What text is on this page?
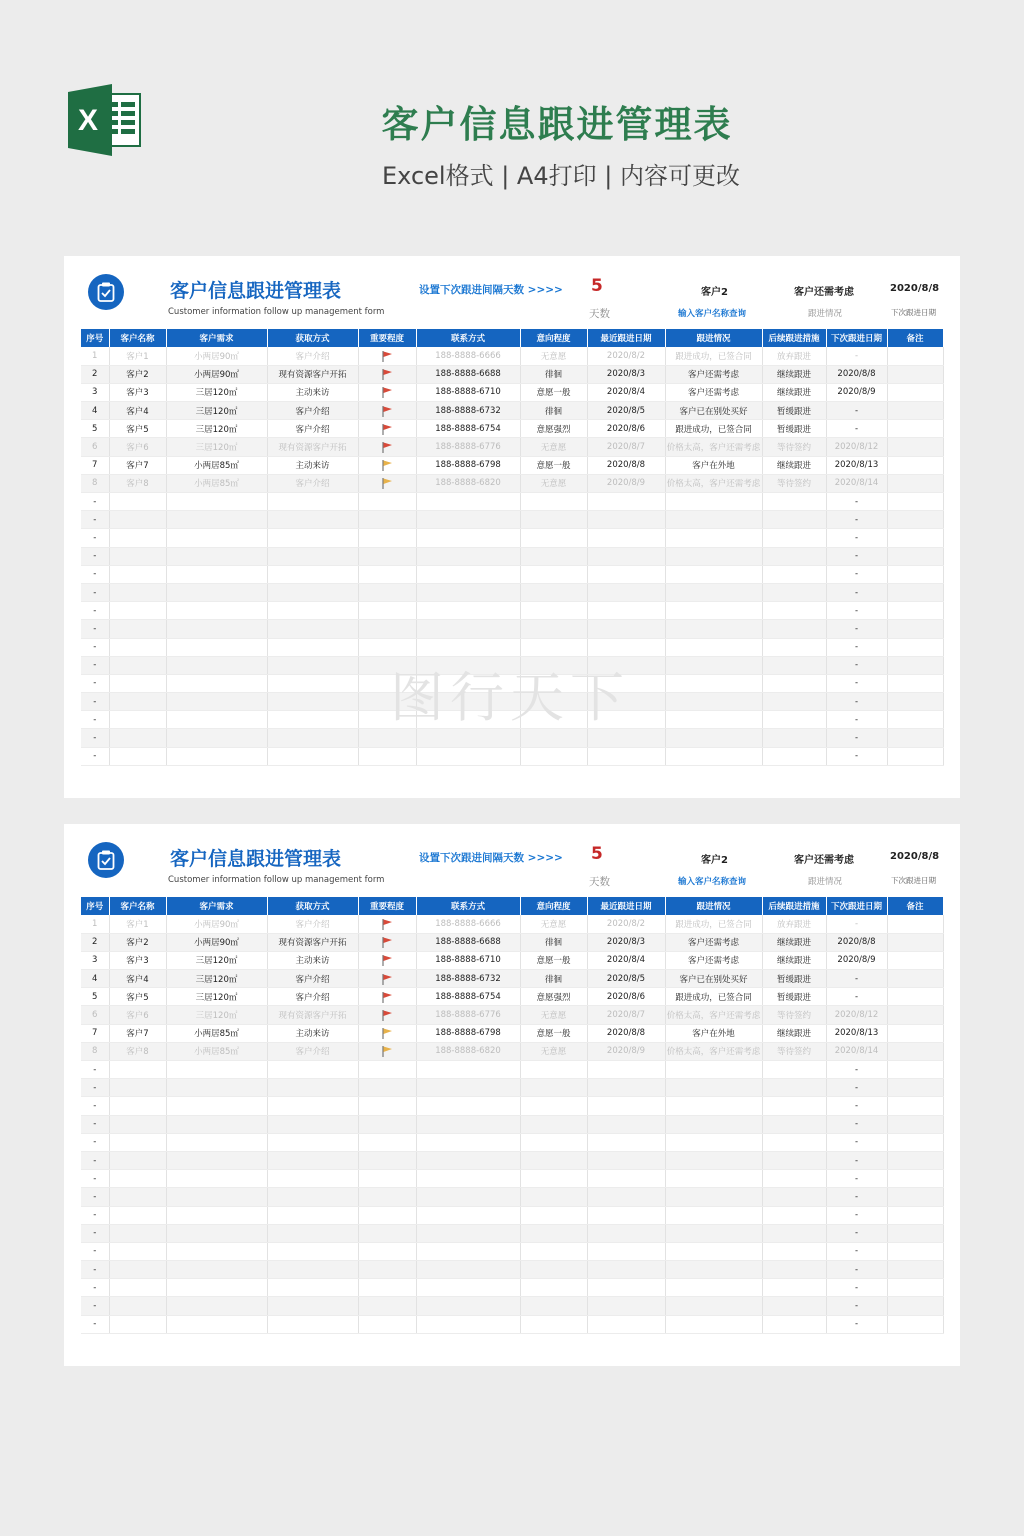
X	客户信息跟进管理表
Excel格式 | A4打印 | 内容可更改
客户信息跟进管理表
Customer information follow up management form
设置下次跟进间隔天数 >>>> 5
天数
客户2
输入客户名称查询
客户还需考虑
跟进情况
2020/8/8
下次跟进日期
序号	客户名称	客户需求	获取方式	重要程度	联系方式	意向程度	最近跟进日期	跟进情况	后续跟进措施	下次跟进日期	备注
1	客户1	小两居90㎡	客户介绍		188-8888-6666	无意愿	2020/8/2	跟进成功，已签合同	放弃跟进	-	
2	客户2	小两居90㎡	现有资源客户开拓		188-8888-6688	徘徊	2020/8/3	客户还需考虑	继续跟进	2020/8/8	
3	客户3	三居120㎡	主动来访		188-8888-6710	意愿一般	2020/8/4	客户还需考虑	继续跟进	2020/8/9	
4	客户4	三居120㎡	客户介绍		188-8888-6732	徘徊	2020/8/5	客户已在别处买好	暂缓跟进	-	
5	客户5	三居120㎡	客户介绍		188-8888-6754	意愿强烈	2020/8/6	跟进成功，已签合同	暂缓跟进	-	
6	客户6	三居120㎡	现有资源客户开拓		188-8888-6776	无意愿	2020/8/7	价格太高，客户还需考虑	等待签约	2020/8/12	
7	客户7	小两居85㎡	主动来访		188-8888-6798	意愿一般	2020/8/8	客户在外地	继续跟进	2020/8/13	
8	客户8	小两居85㎡	客户介绍		188-8888-6820	无意愿	2020/8/9	价格太高，客户还需考虑	等待签约	2020/8/14	
-										-	
-										-	
-										-	
-										-	
-										-	
-										-	
-										-	
-										-	
-										-	
-										-	
-										-	
-										-	
-										-	
-										-	
-										-	
客户信息跟进管理表
Customer information follow up management form
设置下次跟进间隔天数 >>>> 5
天数
客户2
输入客户名称查询
客户还需考虑
跟进情况
2020/8/8
下次跟进日期
序号	客户名称	客户需求	获取方式	重要程度	联系方式	意向程度	最近跟进日期	跟进情况	后续跟进措施	下次跟进日期	备注
1	客户1	小两居90㎡	客户介绍		188-8888-6666	无意愿	2020/8/2	跟进成功，已签合同	放弃跟进	-	
2	客户2	小两居90㎡	现有资源客户开拓		188-8888-6688	徘徊	2020/8/3	客户还需考虑	继续跟进	2020/8/8	
3	客户3	三居120㎡	主动来访		188-8888-6710	意愿一般	2020/8/4	客户还需考虑	继续跟进	2020/8/9	
4	客户4	三居120㎡	客户介绍		188-8888-6732	徘徊	2020/8/5	客户已在别处买好	暂缓跟进	-	
5	客户5	三居120㎡	客户介绍		188-8888-6754	意愿强烈	2020/8/6	跟进成功，已签合同	暂缓跟进	-	
6	客户6	三居120㎡	现有资源客户开拓		188-8888-6776	无意愿	2020/8/7	价格太高，客户还需考虑	等待签约	2020/8/12	
7	客户7	小两居85㎡	主动来访		188-8888-6798	意愿一般	2020/8/8	客户在外地	继续跟进	2020/8/13	
8	客户8	小两居85㎡	客户介绍		188-8888-6820	无意愿	2020/8/9	价格太高，客户还需考虑	等待签约	2020/8/14	
-										-	
-										-	
-										-	
-										-	
-										-	
-										-	
-										-	
-										-	
-										-	
-										-	
-										-	
-										-	
-										-	
-										-	
-										-	
图行天下
